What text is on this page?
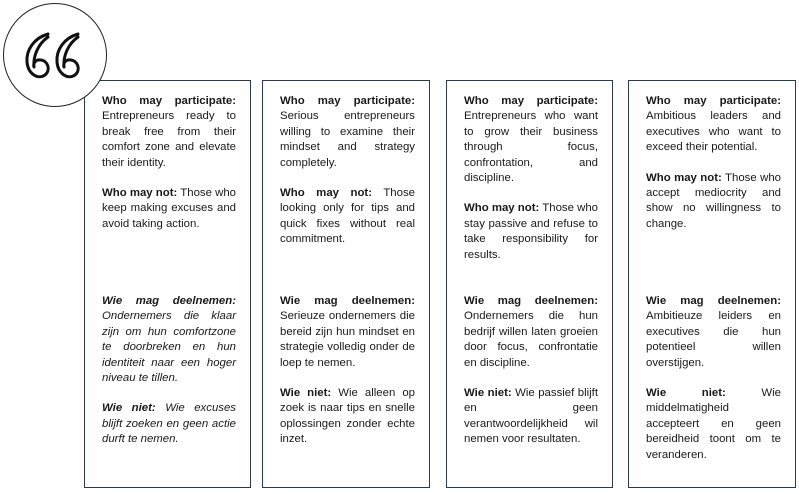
Who may participate: Entrepreneurs ready to break free from their comfort zone and elevate their identity.

Who may not: Those who keep making excuses and avoid taking action.

Wie mag deelnemen: Ondernemers die klaar zijn om hun comfortzone te doorbreken en hun identiteit naar een hoger niveau te tillen.

Wie niet: Wie excuses blijft zoeken en geen actie durft te nemen.

Who may participate: Serious entrepreneurs willing to examine their mindset and strategy completely.

Who may not: Those looking only for tips and quick fixes without real commitment.

Wie mag deelnemen: Serieuze ondernemers die bereid zijn hun mindset en strategie volledig onder de loep te nemen.

Wie niet: Wie alleen op zoek is naar tips en snelle oplossingen zonder echte inzet.

Who may participate: Entrepreneurs who want to grow their business through focus, confrontation, and discipline.

Who may not: Those who stay passive and refuse to take responsibility for results.

Wie mag deelnemen: Ondernemers die hun bedrijf willen laten groeien door focus, confrontatie en discipline.

Wie niet: Wie passief blijft en geen verantwoordelijkheid wil nemen voor resultaten.

Who may participate: Ambitious leaders and executives who want to exceed their potential.

Who may not: Those who accept mediocrity and show no willingness to change.

Wie mag deelnemen: Ambitieuze leiders en executives die hun potentieel willen overstijgen.

Wie niet:	Wie middelmatigheid accepteert en geen bereidheid toont om te veranderen.
